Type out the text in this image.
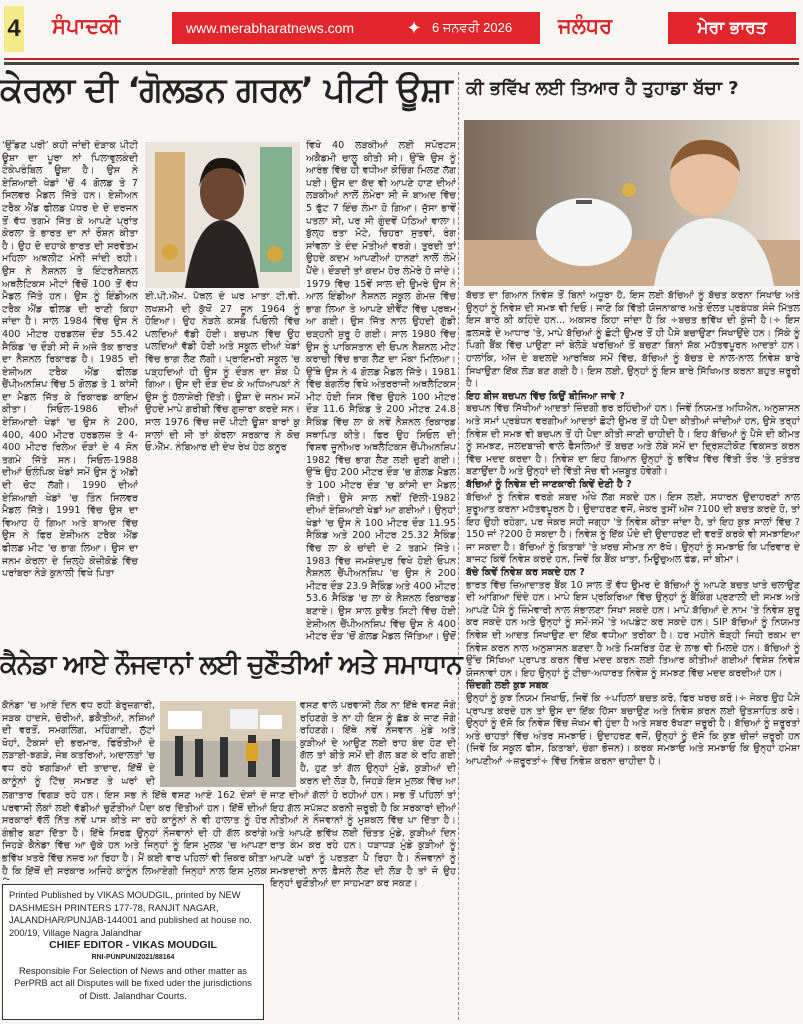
4 ਸੰਪਾਦਕੀ	www.merabharatnews.com	✦ 6 ਜਨਵਰੀ 2026 ਜਲੰਧਰ	ਮੇਰਾ ਭਾਰਤ
ਕੇਰਲਾ ਦੀ ‘ਗੋਲਡਨ ਗਰਲ’ ਪੀਟੀ ਊਸ਼ਾ
‘ਉੱਡਣ ਪਰੀ’ ਕਹੀ ਜਾਂਦੀ ਦੌੜਾਕ ਪੀਟੀ ਊਸ਼ਾ ਦਾ ਪੂਰਾ ਨਾਂ ਪਿਲਾਵੁਲਕੰਦੀ ਟੇਕੇਪਰੰਬਿਲ ਊਸ਼ਾ ਹੈ। ਉਸ ਨੇ ਏਸ਼ਿਆਈ ਖੇਡਾਂ 'ਚੋਂ 4 ਗੋਲਡ ਤੇ 7 ਸਿਲਵਰ ਮੈਡਲ ਜਿੱਤੇ ਹਨ। ਏਸ਼ੀਅਨ ਟਰੈਕ ਐਂਡ ਫੀਲਡ ਪੱਧਰ ਦੇ ਦੋ ਦਰਜਨ ਤੋਂ ਵੱਧ ਤਗਮੇ ਜਿੱਤ ਕੇ ਆਪਣੇ ਪ੍ਰਾਂਤ ਕੇਰਲਾ ਤੇ ਭਾਰਤ ਦਾ ਨਾਂ ਰੌਸ਼ਨ ਕੀਤਾ ਹੈ। ਉਹ ਦੋ ਦਹਾਕੇ ਭਾਰਤ ਦੀ ਸਰਵੋਤਮ ਮਹਿਲਾ ਅਥਲੀਟ ਮੰਨੀ ਜਾਂਦੀ ਰਹੀ। ਉਸ ਨੇ ਨੈਸ਼ਨਲ ਤੇ ਇੰਟਰਨੈਸ਼ਨਲ ਅਥਲੈਟਿਕਸ ਮੀਟਾਂ ਵਿੱਚੋਂ 100 ਤੋਂ ਵੱਧ ਮੈਡਲ ਜਿੱਤੇ ਹਨ। ਉਸ ਨੂੰ ਇੰਡੀਅਨ ਟਰੈਕ ਐਂਡ ਫੀਲਡ ਦੀ ਰਾਣੀ ਕਿਹਾ ਜਾਂਦਾ ਹੈ। ਸਾਲ 1984 ਵਿੱਚ ਉਸ ਨੇ 400 ਮੀਟਰ ਹਰਡਲਜ਼ ਦੌੜ 55.42 ਸੈਕਿੰਡ 'ਚ ਦੌੜੀ ਸੀ ਜੋ ਅਜੇ ਤੱਕ ਭਾਰਤ ਦਾ ਨੈਸ਼ਨਲ ਰਿਕਾਰਡ ਹੈ। 1985 ਦੀ ਏਸ਼ੀਅਨ ਟਰੈਕ ਐਂਡ ਫੀਲਡ ਚੈਂਪੀਅਨਸ਼ਿਪ ਵਿੱਚ 5 ਗੋਲਡ ਤੇ 1 ਕਾਂਸੀ ਦਾ ਮੈਡਲ ਜਿੱਤ ਕੇ ਰਿਕਾਰਡ ਕਾਇਮ ਕੀਤਾ। ਸਿਓਲ-1986 ਦੀਆਂ ਏਸ਼ਿਆਈ ਖੇਡਾਂ 'ਚ ਉਸ ਨੇ 200, 400, 400 ਮੀਟਰ ਹਰਡਲਜ਼ ਤੇ 4-400 ਮੀਟਰ ਰਿਲੇਅ ਦੌੜਾਂ ਦੇ 4 ਸੋਨ ਤਗਮੇ ਜਿੱਤੇ ਸਨ। ਸਿਓਲ-1988 ਦੀਆਂ ਓਲੰਪਿਕ ਖੇਡਾਂ ਸਮੇਂ ਉਸ ਨੂੰ ਅੱਡੀ ਦੀ ਚੋਟ ਲੱਗੀ। 1990 ਦੀਆਂ ਏਸ਼ਿਆਈ ਖੇਡਾਂ 'ਚ ਤਿੰਨ ਸਿਲਵਰ ਮੈਡਲ ਜਿੱਤੇ। 1991 ਵਿੱਚ ਉਸ ਦਾ ਵਿਆਹ ਹੋ ਗਿਆ ਅਤੇ ਬਾਅਦ ਵਿੱਚ ਉਸ ਨੇ ਫਿਰ ਏਸ਼ੀਅਨ ਟਰੈਕ ਐਂਡ ਫੀਲਡ ਮੀਟ 'ਚ ਭਾਗ ਲਿਆ। ਉਸ ਦਾ ਜਨਮ ਕੇਰਲਾ ਦੇ ਜ਼ਿਲ੍ਹੇ ਕੋਜ਼ੀਕੋਡੇ ਵਿੱਚ ਪਰਾਂਬਰਾ ਨੇੜੇ ਕੁਨਾਲੀ ਵਿਖੇ ਪਿਤਾ
ਈ.ਪੀ.ਐੱਮ. ਪੈਥਲ ਦੇ ਘਰ ਮਾਤਾ ਟੀ.ਵੀ. ਲਖਸ਼ਮੀ ਦੀ ਕੁੱਖੋਂ 27 ਜੂਨ 1964 ਨੂੰ ਹੋਇਆ। ਉਹ ਨੇੜਲੇ ਕਸਬੇ ਪਿਓਲੀ ਵਿੱਚ ਪਲਦਿਆਂ ਵੱਡੀ ਹੋਈ। ਬਚਪਨ ਵਿੱਚ ਉਹ ਪਲਦਿਆਂ ਵੱਡੀ ਹੋਈ ਅਤੇ ਸਕੂਲ ਦੀਆਂ ਖੇਡਾਂ ਵਿੱਚ ਭਾਗ ਲੈਣ ਲੱਗੀ। ਪ੍ਰਾਇਮਰੀ ਸਕੂਲ 'ਚ ਪੜ੍ਹਦਿਆਂ ਹੀ ਉਸ ਨੂੰ ਦੌੜਨ ਦਾ ਸ਼ੌਕ ਪੈ ਗਿਆ। ਉਸ ਦੀ ਦੌੜ ਦੇਖ ਕੇ ਅਧਿਆਪਕਾਂ ਨੇ ਉਸ ਨੂੰ ਹੱਲਾਸ਼ੇਰੀ ਦਿੱਤੀ। ਊਸ਼ਾ ਦੇ ਜਨਮ ਸਮੇਂ ਉਹਦੇ ਮਾਪੇ ਗਰੀਬੀ ਵਿੱਚ ਗੁਜ਼ਾਰਾ ਕਰਦੇ ਸਨ। ਸਾਲ 1976 ਵਿੱਚ ਜਦੋਂ ਪੀਟੀ ਊਸ਼ਾ ਬਾਰਾਂ ਕੁ ਸਾਲਾਂ ਦੀ ਸੀ ਤਾਂ ਕੇਰਲਾ ਸਰਕਾਰ ਨੇ ਕੋਚ ਓ.ਐੱਮ. ਨੰਬਿਆਰ ਦੀ ਦੇਖ ਰੇਖ ਹੇਠ ਕਨੂਰ
ਵਿਖੇ 40 ਲੜਕੀਆਂ ਲਈ ਸਪੋਰਟਸ ਅਕੈਡਮੀ ਚਾਲੂ ਕੀਤੀ ਸੀ। ਉੱਥੇ ਉਸ ਨੂੰ ਆਰੰਭ ਵਿੱਚ ਹੀ ਵਧੀਆ ਕੋਚਿੰਗ ਮਿਲਣ ਲੱਗ ਪਈ। ਉਸ ਦਾ ਕੱਦ ਵੀ ਆਪਣੇ ਹਾਣ ਦੀਆਂ ਲੜਕੀਆਂ ਨਾਲੋਂ ਲੰਮੇਰਾ ਸੀ ਜੋ ਬਾਅਦ ਵਿੱਚ 5 ਫੁੱਟ 7 ਇੰਚ ਲੰਮਾ ਹੋ ਗਿਆ। ਜੁੱਸਾ ਭਾਵੇਂ ਪਤਲਾ ਸੀ, ਪਰ ਸੀ ਗੁੰਦਵੇਂ ਪੱਠਿਆਂ ਵਾਲਾ। ਬੁੱਲ੍ਹ ਰਤਾ ਮੋਟੇ, ਚਿਹਰਾ ਸੁਤਵਾਂ, ਰੰਗ ਸਾਂਵਲਾ ਤੇ ਦੰਦ ਮੋਤੀਆਂ ਵਰਗੇ। ਤੁਰਦੀ ਤਾਂ ਉਹਦੇ ਕਦਮ ਆਪਣੀਆਂ ਹਾਨਣਾਂ ਨਾਲੋਂ ਲੰਮੇ ਪੈਂਦੇ। ਦੌੜਦੀ ਤਾਂ ਕਦਮ ਹੋਰ ਲੰਮੇਰੇ ਹੋ ਜਾਂਦੇ। 1979 ਵਿੱਚ 15ਵੇਂ ਸਾਲ ਦੀ ਉਮਰੇ ਉਸ ਨੇ ਆਲ ਇੰਡੀਆ ਨੈਸ਼ਨਲ ਸਕੂਲ ਗੇਮਜ਼ ਵਿੱਚ ਭਾਗ ਲਿਆ ਤੇ ਆਪਣੇ ਈਵੈਂਟ ਵਿੱਚ ਪ੍ਰਥਮ ਆ ਗਈ। ਉਸ ਜਿੱਤ ਨਾਲ ਉਹਦੀ ਗੁੱਡੀ ਚੜ੍ਹਨੀ ਸ਼ੁਰੂ ਹੋ ਗਈ। ਸਾਲ 1980 ਵਿੱਚ ਉਸ ਨੂੰ ਪਾਕਿਸਤਾਨ ਦੀ ਓਪਨ ਨੈਸ਼ਨਲ ਮੀਟ ਕਰਾਚੀ ਵਿੱਚ ਭਾਗ ਲੈਣ ਦਾ ਮੌਕਾ ਮਿਲਿਆ। ਉੱਥੇ ਉਸ ਨੇ 4 ਗੋਲਡ ਮੈਡਲ ਜਿੱਤੇ। 1981 ਵਿੱਚ ਬੰਗਲੌਰ ਵਿਖੇ ਅੰਤਰਰਾਜੀ ਅਥਲੈਟਿਕਸ ਮੀਟ ਹੋਈ ਜਿਸ ਵਿੱਚ ਉਹਨੇ 100 ਮੀਟਰ ਦੌੜ 11.6 ਸੈਕਿੰਡ ਤੇ 200 ਮੀਟਰ 24.8 ਸੈਕਿੰਡ ਵਿੱਚ ਲਾ ਕੇ ਨਵੇਂ ਨੈਸ਼ਨਲ ਰਿਕਾਰਡ ਸਥਾਪਿਤ ਕੀਤੇ। ਫਿਰ ਉਹ ਸਿਓਲ ਦੀ ਵਿਸ਼ਵ ਜੂਨੀਅਰ ਅਥਲੈਟਿਕਸ ਚੈਂਪੀਅਨਸ਼ਿਪ 1982 ਵਿੱਚ ਭਾਗ ਲੈਣ ਲਈ ਚੁਣੀ ਗਈ। ਉੱਥੇ ਉਹ 200 ਮੀਟਰ ਦੌੜ 'ਚ ਗੋਲਡ ਮੈਡਲ ਤੇ 100 ਮੀਟਰ ਦੌੜ 'ਚ ਕਾਂਸੀ ਦਾ ਮੈਡਲ ਜਿੱਤੀ। ਉਸੇ ਸਾਲ ਨਵੀਂ ਦਿੱਲੀ-1982 ਦੀਆਂ ਏਸ਼ਿਆਈ ਖੇਡਾਂ ਆ ਗਈਆਂ। ਉਨ੍ਹਾਂ ਖੇਡਾਂ 'ਚ ਉਸ ਨੇ 100 ਮੀਟਰ ਦੌੜ 11.95 ਸੈਕਿੰਡ ਅਤੇ 200 ਮੀਟਰ 25.32 ਸੈਕਿੰਡ ਵਿੱਚ ਲਾ ਕੇ ਚਾਂਦੀ ਦੇ 2 ਤਗਮੇ ਜਿੱਤੇ। 1983 ਵਿੱਚ ਜਮਸ਼ੇਦਪੁਰ ਵਿਖੇ ਹੋਈ ਓਪਨ ਨੈਸ਼ਨਲ ਚੈਂਪੀਅਨਸ਼ਿਪ 'ਚ ਉਸ ਨੇ 200 ਮੀਟਰ ਦੌੜ 23.9 ਸੈਕਿੰਡ ਅਤੇ 400 ਮੀਟਰ 53.6 ਸੈਕਿੰਡ 'ਚ ਲਾ ਕੇ ਨੈਸ਼ਨਲ ਰਿਕਾਰਡ ਬਣਾਏ। ਉਸ ਸਾਲ ਕੁਵੈਤ ਸਿਟੀ ਵਿੱਚ ਹੋਈ ਏਸ਼ੀਅਨ ਚੈਂਪੀਅਨਸ਼ਿਪ ਵਿੱਚ ਉਸ ਨੇ 400 ਮੀਟਰ ਦੌੜ 'ਚੋਂ ਗੋਲਡ ਮੈਡਲ ਜਿੱਤਿਆ। ਉਦੋਂ
ਕੈਨੇਡਾ ਆਏ ਨੌਜਵਾਨਾਂ ਲਈ ਚੁਣੌਤੀਆਂ ਅਤੇ ਸਮਾਧਾਨ
ਕੈਨੇਡਾ 'ਚ ਆਏ ਦਿਨ ਵਧ ਰਹੀ ਬੇਰੁਜ਼ਗਾਰੀ, ਸੜਕ ਹਾਦਸੇ, ਚੋਰੀਆਂ, ਡਕੈਤੀਆਂ, ਨਸ਼ਿਆਂ ਦੀ ਵਰਤੋਂ, ਸਮਗਲਿੰਗ, ਮਹਿੰਗਾਈ, ਲੁੱਟਾਂ ਖੋਹਾਂ, ਟੈਕਸਾਂ ਦੀ ਭਰਮਾਰ, ਫਿਰੌਤੀਆਂ ਦੇ ਲੜਾਈ-ਝਗੜੇ, ਜੇਬ ਕਤਰਿਆਂ, ਅਦਾਲਤਾਂ 'ਚ ਵਧ ਰਹੇ ਝਗੜਿਆਂ ਦੀ ਤਾਦਾਦ, ਇੱਥੋਂ ਦੇ ਕਾਨੂੰਨਾਂ ਨੂੰ ਟਿੱਚ ਸਮਝਣ ਤੇ ਘਰਾਂ ਦੀ
ਵਸਣ ਵਾਲੇ ਪਰਵਾਸੀ ਲੋਕ ਨਾ ਇੱਥੇ ਵਸਣ ਜੋਗੇ ਰਹਿਣਗੇ ਤੇ ਨਾ ਹੀ ਇਸ ਨੂੰ ਛੱਡ ਕੇ ਜਾਣ ਜੋਗੇ ਰਹਿਣਗੇ। ਇੱਥੇ ਨਵੇਂ ਨੌਜਵਾਨ ਮੁੰਡੇ ਅਤੇ ਕੁੜੀਆਂ ਦੇ ਆਉਣ ਲਈ ਰਾਹ ਬੰਦ ਹੋਣ ਦੀ ਗੱਲ ਤਾਂ ਬੀਤੇ ਸਮੇਂ ਦੀ ਗੱਲ ਬਣ ਕੇ ਰਹਿ ਗਈ ਹੈ, ਹੁਣ ਤਾਂ ਗੱਲ ਉਨ੍ਹਾਂ ਮੁੰਡੇ, ਕੁੜੀਆਂ ਦੀ ਕਰਨ ਦੀ ਲੋੜ ਹੈ, ਜਿਹੜੇ ਇਸ ਮੁਲਕ ਵਿੱਚ ਆ
ਲਗਾਤਾਰ ਵਿਗੜ ਰਹੇ ਹਨ। ਇਸ ਸਭ ਨੇ ਇੱਥੇ ਵਸਣ ਆਏ 162 ਦੇਸ਼ਾਂ ਦੇ ਪਰਵਾਸੀ ਲੋਕਾਂ ਲਈ ਵੱਡੀਆਂ ਚੁਣੌਤੀਆਂ ਪੈਦਾ ਕਰ ਦਿੱਤੀਆਂ ਹਨ। ਇੱਥੋਂ ਦੀਆਂ ਸਰਕਾਰਾਂ ਵੱਲੋਂ ਨਿੱਤ ਨਵੇਂ ਪਾਸ ਕੀਤੇ ਜਾ ਰਹੇ ਕਾਨੂੰਨਾਂ ਨੇ ਵੀ ਹਾਲਾਤ ਨੂੰ ਹੋਰ ਗੰਭੀਰ ਬਣਾ ਦਿੱਤਾ ਹੈ। ਇੱਥੇ ਸਿਰਫ਼ ਉਨ੍ਹਾਂ ਨੌਜਵਾਨਾਂ ਦੀ ਹੀ ਗੱਲ ਕਰਾਂਗੇ ਜਿਹੜੇ ਕੈਨੇਡਾ ਵਿੱਚ ਆ ਚੁੱਕੇ ਹਨ ਅਤੇ ਜਿਨ੍ਹਾਂ ਨੂੰ ਇਸ ਮੁਲਕ 'ਚ ਆਪਣਾ ਭਵਿੱਖ ਖ਼ਤਰੇ ਵਿੱਚ ਨਜ਼ਰ ਆ ਰਿਹਾ ਹੈ। ਮੈਂ ਕਈ ਵਾਰ ਪਹਿਲਾਂ ਵੀ ਜ਼ਿਕਰ ਕੀਤਾ ਹੈ ਕਿ ਇੱਥੋਂ ਦੀ ਸਰਕਾਰ ਅਜਿਹੇ ਕਾਨੂੰਨ ਲਿਆਏਗੀ ਜਿਨ੍ਹਾਂ ਨਾਲ ਇਸ ਮੁਲਕ
ਜਾਣ ਦੀਆਂ ਗੱਲਾਂ ਹੋ ਰਹੀਆਂ ਹਨ। ਸਭ ਤੋਂ ਪਹਿਲਾਂ ਤਾਂ ਇਹ ਗੱਲ ਸਪੱਸ਼ਟ ਕਰਨੀ ਜ਼ਰੂਰੀ ਹੈ ਕਿ ਸਰਕਾਰਾਂ ਦੀਆਂ ਨੀਤੀਆਂ ਨੇ ਨੌਜਵਾਨਾਂ ਨੂੰ ਮੁਸ਼ਕਲ ਵਿੱਚ ਪਾ ਦਿੱਤਾ ਹੈ। ਅਤੇ ਆਪਣੇ ਭਵਿੱਖ ਲਈ ਚਿੰਤਤ ਮੁੰਡੇ, ਕੁੜੀਆਂ ਦਿਨ ਰਾਤ ਕੰਮ ਕਰ ਰਹੇ ਹਨ। ਧੜਾਧੜ ਮੁੰਡੇ ਕੁੜੀਆਂ ਨੂੰ ਆਪਣੇ ਘਰਾਂ ਨੂੰ ਪਰਤਣਾ ਪੈ ਰਿਹਾ ਹੈ। ਨੌਜਵਾਨਾਂ ਨੂੰ ਸਮਝਦਾਰੀ ਨਾਲ ਫ਼ੈਸਲੇ ਲੈਣ ਦੀ ਲੋੜ ਹੈ ਤਾਂ ਜੋ ਉਹ ਇਨ੍ਹਾਂ ਚੁਣੌਤੀਆਂ ਦਾ ਸਾਹਮਣਾ ਕਰ ਸਕਣ।
Printed Published by VIKAS MOUDGIL, printed by NEW DASHMESH PRINTERS 177-78, RANJIT NAGAR, JALANDHAR/PUNJAB-144001 and published at house no. 200/19, Village Nagra Jalandhar
CHIEF EDITOR - VIKAS MOUDGIL
RNI-PUNPUN/2021/88164
Responsible For Selection of News and other matter as PerPRB act all Disputes will be fixed uder the jurisdictions of Distt. Jalandhar Courts.
ਕੀ ਭਵਿੱਖ ਲਈ ਤਿਆਰ ਹੈ ਤੁਹਾਡਾ ਬੱਚਾ ?

ਬੱਚਤ ਦਾ ਗਿਆਨ ਨਿਵੇਸ਼ ਤੋਂ ਬਿਨਾਂ ਅਧੂਰਾ ਹੈ, ਇਸ ਲਈ ਬੱਚਿਆਂ ਨੂੰ ਬੱਚਤ ਕਰਨਾ ਸਿਖਾਓ ਅਤੇ ਉਨ੍ਹਾਂ ਨੂੰ ਨਿਵੇਸ਼ ਦੀ ਸਮਝ ਵੀ ਦਿਓ। ਜਾਣੋ ਕਿ ਵਿੱਤੀ ਯੋਜਨਾਕਾਰ ਅਤੇ ਦੌਲਤ ਪ੍ਰਬੰਧਕ ਸੰਜੇ ਮਿੱਤਲ ਇਸ ਬਾਰੇ ਕੀ ਕਹਿੰਦੇ ਹਨ... ਅਕਸਰ ਕਿਹਾ ਜਾਂਦਾ ਹੈ ਕਿ ÷ਬਚਤ ਭਵਿੱਖ ਦੀ ਕੁੰਜੀ ਹੈ।÷ ਇਸ ਫ਼ਲਸਫ਼ੇ ਦੇ ਆਧਾਰ 'ਤੇ, ਮਾਪੇ ਬੱਚਿਆਂ ਨੂੰ ਛੋਟੀ ਉਮਰ ਤੋਂ ਹੀ ਪੈਸੇ ਬਚਾਉਣਾ ਸਿਖਾਉਂਦੇ ਹਨ। ਸਿੱਕੇ ਨੂੰ ਪਿਗੀ ਬੈਂਕ ਵਿੱਚ ਪਾਉਣਾ ਜਾਂ ਬੇਲੋੜੇ ਖਰਚਿਆਂ ਤੋਂ ਬਚਣਾ ਬਿਨਾਂ ਸ਼ੱਕ ਮਹੱਤਵਪੂਰਨ ਆਦਤਾਂ ਹਨ। ਹਾਲਾਂਕਿ, ਅੱਜ ਦੇ ਬਦਲਦੇ ਆਰਥਿਕ ਸਮੇਂ ਵਿੱਚ, ਬੱਚਿਆਂ ਨੂੰ ਬੱਚਤ ਦੇ ਨਾਲ-ਨਾਲ ਨਿਵੇਸ਼ ਬਾਰੇ ਸਿਖਾਉਣਾ ਇੱਕ ਲੋੜ ਬਣ ਗਈ ਹੈ। ਇਸ ਲਈ, ਉਨ੍ਹਾਂ ਨੂੰ ਇਸ ਬਾਰੇ ਸਿੱਖਿਅਤ ਕਰਨਾ ਬਹੁਤ ਜ਼ਰੂਰੀ ਹੈ।

ਇਹ ਬੀਜ ਬਚਪਨ ਵਿੱਚ ਕਿਉਂ ਬੀਜਿਆ ਜਾਵੇ ?

ਬਚਪਨ ਵਿੱਚ ਸਿੱਖੀਆਂ ਆਦਤਾਂ ਜ਼ਿੰਦਗੀ ਭਰ ਰਹਿੰਦੀਆਂ ਹਨ। ਜਿਵੇਂ ਨਿਯਮਤ ਅਧਿਐਨ, ਅਨੁਸ਼ਾਸਨ ਅਤੇ ਸਮਾਂ ਪ੍ਰਬੰਧਨ ਵਰਗੀਆਂ ਆਦਤਾਂ ਛੋਟੀ ਉਮਰ ਤੋਂ ਹੀ ਪੈਦਾ ਕੀਤੀਆਂ ਜਾਂਦੀਆਂ ਹਨ, ਉਸੇ ਤਰ੍ਹਾਂ ਨਿਵੇਸ਼ ਦੀ ਸਮਝ ਵੀ ਬਚਪਨ ਤੋਂ ਹੀ ਪੈਦਾ ਕੀਤੀ ਜਾਣੀ ਚਾਹੀਦੀ ਹੈ। ਇਹ ਬੱਚਿਆਂ ਨੂੰ ਪੈਸੇ ਦੀ ਕੀਮਤ ਨੂੰ ਸਮਝਣ, ਜਲਦਬਾਜ਼ੀ ਵਾਲੇ ਫੈਸਲਿਆਂ ਤੋਂ ਬਚਣ ਅਤੇ ਲੰਬੇ ਸਮੇਂ ਦਾ ਦ੍ਰਿਸ਼ਟੀਕੋਣ ਵਿਕਸਤ ਕਰਨ ਵਿੱਚ ਮਦਦ ਕਰਦਾ ਹੈ। ਨਿਵੇਸ਼ ਦਾ ਇਹ ਗਿਆਨ ਉਨ੍ਹਾਂ ਨੂੰ ਭਵਿੱਖ ਵਿੱਚ ਵਿੱਤੀ ਤੌਰ 'ਤੇ ਸੁਤੰਤਰ ਬਣਾਉਂਦਾ ਹੈ ਅਤੇ ਉਨ੍ਹਾਂ ਦੀ ਵਿੱਤੀ ਸੋਚ ਵੀ ਮਜ਼ਬੂਤ ਹੋਵੇਗੀ।

ਬੱਚਿਆਂ ਨੂੰ ਨਿਵੇਸ਼ ਦੀ ਜਾਣਕਾਰੀ ਕਿਵੇਂ ਦੇਣੀ ਹੈ ?

ਬੱਚਿਆਂ ਨੂੰ ਨਿਵੇਸ਼ ਵਰਗੇ ਸ਼ਬਦ ਔਖੇ ਲੱਗ ਸਕਦੇ ਹਨ। ਇਸ ਲਈ, ਸਧਾਰਨ ਉਦਾਹਰਣਾਂ ਨਾਲ ਸ਼ੁਰੂਆਤ ਕਰਨਾ ਮਹੱਤਵਪੂਰਨ ਹੈ। ਉਦਾਹਰਣ ਵਜੋਂ, ਜੇਕਰ ਤੁਸੀਂ ਅੱਜ ?100 ਦੀ ਬਚਤ ਕਰਦੇ ਹੋ, ਤਾਂ ਇਹ ਉਹੀ ਰਹੇਗਾ, ਪਰ ਜੇਕਰ ਸਹੀ ਜਗ੍ਹਾ 'ਤੇ ਨਿਵੇਸ਼ ਕੀਤਾ ਜਾਂਦਾ ਹੈ, ਤਾਂ ਇਹ ਕੁਝ ਸਾਲਾਂ ਵਿੱਚ ?150 ਜਾਂ ?200 ਹੋ ਸਕਦਾ ਹੈ। ਨਿਵੇਸ਼ ਨੂੰ ਇੱਕ ਪੌਦੇ ਦੀ ਉਦਾਹਰਣ ਦੀ ਵਰਤੋਂ ਕਰਕੇ ਵੀ ਸਮਝਾਇਆ ਜਾ ਸਕਦਾ ਹੈ। ਬੱਚਿਆਂ ਨੂੰ ਕਿਤਾਬਾਂ 'ਤੇ ਖ਼ਰਚ ਸੀਮਤ ਨਾ ਰੱਖੋ। ਉਨ੍ਹਾਂ ਨੂੰ ਸਮਝਾਓ ਕਿ ਪਰਿਵਾਰ ਦੇ ਬਾਜਟ ਕਿਵੇਂ ਨਿਵੇਸ਼ ਕਰਦੇ ਹਨ, ਜਿਵੇਂ ਕਿ ਬੈਂਕ ਖਾਤਾ, ਮਿਊਚੁਅਲ ਫੰਡ, ਜਾਂ ਬੀਮਾ।

ਬੱਚੇ ਕਿਵੇਂ ਨਿਵੇਸ਼ ਕਰ ਸਕਦੇ ਹਨ ?

ਭਾਰਤ ਵਿੱਚ ਜ਼ਿਆਦਾਤਰ ਬੈਂਕ 10 ਸਾਲ ਤੋਂ ਵੱਧ ਉਮਰ ਦੇ ਬੱਚਿਆਂ ਨੂੰ ਆਪਣੇ ਬਚਤ ਖਾਤੇ ਚਲਾਉਣ ਦੀ ਆਗਿਆ ਦਿੰਦੇ ਹਨ। ਮਾਪੇ ਇਸ ਪ੍ਰਕਿਰਿਆ ਵਿੱਚ ਉਨ੍ਹਾਂ ਨੂੰ ਬੈਂਕਿੰਗ ਪ੍ਰਣਾਲੀ ਦੀ ਸਮਝ ਅਤੇ ਆਪਣੇ ਪੈਸੇ ਨੂੰ ਜ਼ਿੰਮੇਵਾਰੀ ਨਾਲ ਸੰਭਾਲਣਾ ਸਿਖਾ ਸਕਦੇ ਹਨ। ਮਾਪੇ ਬੱਚਿਆਂ ਦੇ ਨਾਮ 'ਤੇ ਨਿਵੇਸ਼ ਸ਼ੁਰੂ ਕਰ ਸਕਦੇ ਹਨ ਅਤੇ ਉਨ੍ਹਾਂ ਨੂੰ ਸਮੇਂ-ਸਮੇਂ 'ਤੇ ਅਪਡੇਟ ਕਰ ਸਕਦੇ ਹਨ। SIP ਬੱਚਿਆਂ ਨੂੰ ਨਿਯਮਤ ਨਿਵੇਸ਼ ਦੀ ਆਦਤ ਸਿਖਾਉਣ ਦਾ ਇੱਕ ਵਧੀਆ ਤਰੀਕਾ ਹੈ। ਹਰ ਮਹੀਨੇ ਥੋੜ੍ਹੀ ਜਿਹੀ ਰਕਮ ਦਾ ਨਿਵੇਸ਼ ਕਰਨ ਨਾਲ ਅਨੁਸ਼ਾਸਨ ਬਣਦਾ ਹੈ ਅਤੇ ਮਿਸ਼ਰਿਤ ਹੋਣ ਦੇ ਲਾਭ ਵੀ ਮਿਲਦੇ ਹਨ। ਬੱਚਿਆਂ ਨੂੰ ਉੱਚ ਸਿੱਖਿਆ ਪ੍ਰਾਪਤ ਕਰਨ ਵਿੱਚ ਮਦਦ ਕਰਨ ਲਈ ਤਿਆਰ ਕੀਤੀਆਂ ਗਈਆਂ ਵਿਸ਼ੇਸ਼ ਨਿਵੇਸ਼ ਯੋਜਨਾਵਾਂ ਹਨ। ਇਹ ਉਨ੍ਹਾਂ ਨੂੰ ਟੀਚਾ-ਅਧਾਰਤ ਨਿਵੇਸ਼ ਨੂੰ ਸਮਝਣ ਵਿੱਚ ਮਦਦ ਕਰਦੀਆਂ ਹਨ।

ਜ਼ਿੰਦਗੀ ਲਈ ਕੁਝ ਸਬਕ

ਉਨ੍ਹਾਂ ਨੂੰ ਕੁਝ ਨਿਯਮ ਸਿਖਾਓ, ਜਿਵੇਂ ਕਿ ÷ਪਹਿਲਾਂ ਬਚਤ ਕਰੋ, ਫਿਰ ਖਰਚ ਕਰੋ।÷ ਜੇਕਰ ਉਹ ਪੈਸੇ ਪ੍ਰਾਪਤ ਕਰਦੇ ਹਨ ਤਾਂ ਉਸ ਦਾ ਇੱਕ ਹਿੱਸਾ ਬਚਾਉਣ ਅਤੇ ਨਿਵੇਸ਼ ਕਰਨ ਲਈ ਉਤਸ਼ਾਹਿਤ ਕਰੋ। ਉਨ੍ਹਾਂ ਨੂੰ ਦੱਸੋ ਕਿ ਨਿਵੇਸ਼ ਵਿੱਚ ਜੋਖਮ ਵੀ ਹੁੰਦਾ ਹੈ ਅਤੇ ਸਬਰ ਰੱਖਣਾ ਜ਼ਰੂਰੀ ਹੈ। ਬੱਚਿਆਂ ਨੂੰ ਜ਼ਰੂਰਤਾਂ ਅਤੇ ਚਾਹਤਾਂ ਵਿੱਚ ਅੰਤਰ ਸਮਝਾਓ। ਉਦਾਹਰਣ ਵਜੋਂ, ਉਨ੍ਹਾਂ ਨੂੰ ਦੱਸੋ ਕਿ ਕੁਝ ਚੀਜ਼ਾਂ ਜ਼ਰੂਰੀ ਹਨ (ਜਿਵੇਂ ਕਿ ਸਕੂਲ ਫੀਸ, ਕਿਤਾਬਾਂ, ਚੰਗਾ ਭੋਜਨ)। ਕਰਕ ਸਮਝਾਓ ਅਤੇ ਸਮਝਾਓ ਕਿ ਉਨ੍ਹਾਂ ਹਮੇਸ਼ਾ ਆਪਣੀਆਂ ÷ਜ਼ਰੂਰਤਾਂ÷ ਵਿੱਚ ਨਿਵੇਸ਼ ਕਰਨਾ ਚਾਹੀਦਾ ਹੈ।
